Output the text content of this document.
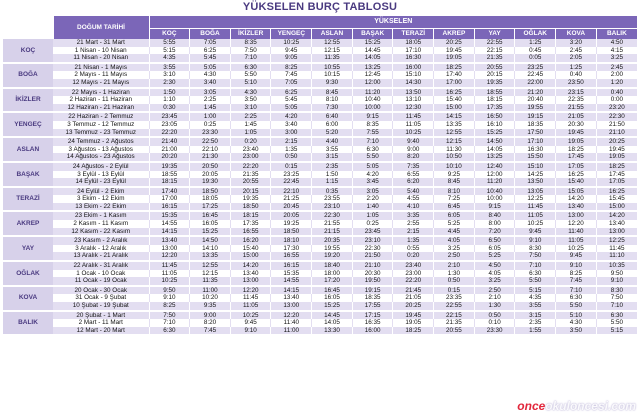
YÜKSELEN BURÇ TABLOSU
	DOĞUM TARİHİ	YÜKSELEN											
		KOÇ	BOĞA	İKİZLER	YENGEÇ	ASLAN	BAŞAK	TERAZİ	AKREP	YAY	OĞLAK	KOVA	BALIK
KOÇ	21 Mart - 31 Mart	5:55	7:05	8:35	10:25	12:55	15:25	18:05	20:25	22:55	1:25	3:20	4:50
	1 Nisan - 10 Nisan	5:15	6:25	7:50	9:45	12:15	14:45	17:10	19:45	22:15	0:45	2:45	4:15
	11 Nisan - 20 Nisan	4:35	5:45	7:10	9:05	11:35	14:05	16:30	19:05	21:35	0:05	2:05	3:25
BOĞA	21 Nisan - 1 Mayıs	3:55	5:05	6:30	8:25	10:55	13:25	16:00	18:25	20:55	23:25	1:25	2:45
	2 Mayıs - 11 Mayıs	3:10	4:30	5:50	7:45	10:15	12:45	15:10	17:40	20:15	22:45	0:40	2:00
	12 Mayıs - 21 Mayıs	2:30	3:40	5:10	7:05	9:30	12:00	14:30	17:00	19:35	22:00	23:50	1:20
İKİZLER	22 Mayıs - 1 Haziran	1:50	3:05	4:30	6:25	8:45	11:20	13:50	16:25	18:55	21:20	23:15	0:40
	2 Haziran - 11 Haziran	1:10	2:25	3:50	5:45	8:10	10:40	13:10	15:40	18:15	20:40	22:35	0:00
	12 Haziran - 21 Haziran	0:30	1:45	3:10	5:05	7:30	10:00	12:30	15:00	17:35	19:55	21:55	23:20
YENGEÇ	22 Haziran - 2 Temmuz	23:45	1:00	2:25	4:20	6:40	9:15	11:45	14:15	16:50	19:15	21:05	22:30
	3 Temmuz - 12 Temmuz	23:05	0:25	1:45	3:40	6:00	8:35	11:05	13:35	16:10	18:35	20:30	21:50
	13 Temmuz - 23 Temmuz	22:20	23:30	1:05	3:00	5:20	7:55	10:25	12:55	15:25	17:50	19:45	21:10
ASLAN	24 Temmuz - 2 Ağustos	21:40	22:50	0:20	2:15	4:40	7:10	9:40	12:15	14:50	17:10	19:05	20:25
	3 Ağustos - 13 Ağustos	21:00	22:10	23:40	1:35	3:55	6:30	9:00	11:30	14:05	16:30	18:25	19:45
	14 Ağustos - 23 Ağustos	20:20	21:30	23:00	0:50	3:15	5:50	8:20	10:50	13:25	15:50	17:45	19:05
BAŞAK	24 Ağustos - 2 Eylül	19:35	20:50	22:20	0:15	2:35	5:05	7:35	10:10	12:40	15:10	17:05	18:25
	3 Eylül - 13 Eylül	18:55	20:05	21:35	23:25	1:50	4:20	6:55	9:25	12:00	14:25	16:25	17:45
	14 Eylül - 23 Eylül	18:15	19:30	20:55	22:45	1:15	3:45	6:20	8:45	11:20	13:50	15:40	17:05
TERAZİ	24 Eylül - 2 Ekim	17:40	18:50	20:15	22:10	0:35	3:05	5:40	8:10	10:40	13:05	15:05	16:25
	3 Ekim - 12 Ekim	17:00	18:05	19:35	21:25	23:55	2:20	4:55	7:25	10:00	12:25	14:20	15:45
	13 Ekim - 22 Ekim	16:15	17:25	18:50	20:45	23:10	1:40	4:10	6:45	9:15	11:45	13:40	15:00
AKREP	23 Ekim - 1 Kasım	15:35	16:45	18:15	20:05	22:30	1:05	3:35	6:05	8:40	11:05	13:00	14:20
	2 Kasım - 11 Kasım	14:55	16:05	17:35	19:25	21:55	0:25	2:55	5:25	8:00	10:25	12:20	13:40
	12 Kasım - 22 Kasım	14:15	15:25	16:55	18:50	21:15	23:45	2:15	4:45	7:20	9:45	11:40	13:00
YAY	23 Kasım - 2 Aralık	13:40	14:50	16:20	18:10	20:35	23:10	1:35	4:05	6:50	9:10	11:05	12:25
	3 Aralık - 12 Aralık	13:00	14:10	15:40	17:30	19:55	22:30	0:55	3:25	6:05	8:30	10:25	11:45
	13 Aralık - 21 Aralık	12:20	13:35	15:00	16:55	19:20	21:50	0:20	2:50	5:25	7:50	9:45	11:10
OĞLAK	22 Aralık - 31 Aralık	11:45	12:55	14:20	16:15	18:40	21:10	23:40	2:10	4:50	7:10	9:10	10:35
	1 Ocak - 10 Ocak	11:05	12:15	13:40	15:35	18:00	20:30	23:00	1:30	4:05	6:30	8:25	9:50
	11 Ocak - 19 Ocak	10:25	11:35	13:00	14:55	17:20	19:50	22:20	0:50	3:25	5:50	7:45	9:10
KOVA	20 Ocak - 30 Ocak	9:50	11:00	12:20	14:15	16:45	19:15	21:45	0:15	2:50	5:15	7:10	8:30
	31 Ocak - 9 Şubat	9:10	10:20	11:45	13:40	16:05	18:35	21:05	23:35	2:10	4:35	6:30	7:50
	10 Şubat - 19 Şubat	8:25	9:35	11:05	13:00	15:25	17:55	20:25	22:55	1:30	3:55	5:50	7:10
BALIK	20 Şubat - 1 Mart	7:50	9:00	10:25	12:20	14:45	17:15	19:45	22:15	0:50	3:15	5:10	6:30
	2 Mart - 11 Mart	7:10	8:20	9:45	11:40	14:05	16:35	19:05	21:35	0:10	2:35	4:30	5:50
	12 Mart - 20 Mart	6:30	7:45	9:10	11:00	13:30	16:00	18:25	20:55	23:30	1:55	3:50	5:15
onceokuloncesi.com
